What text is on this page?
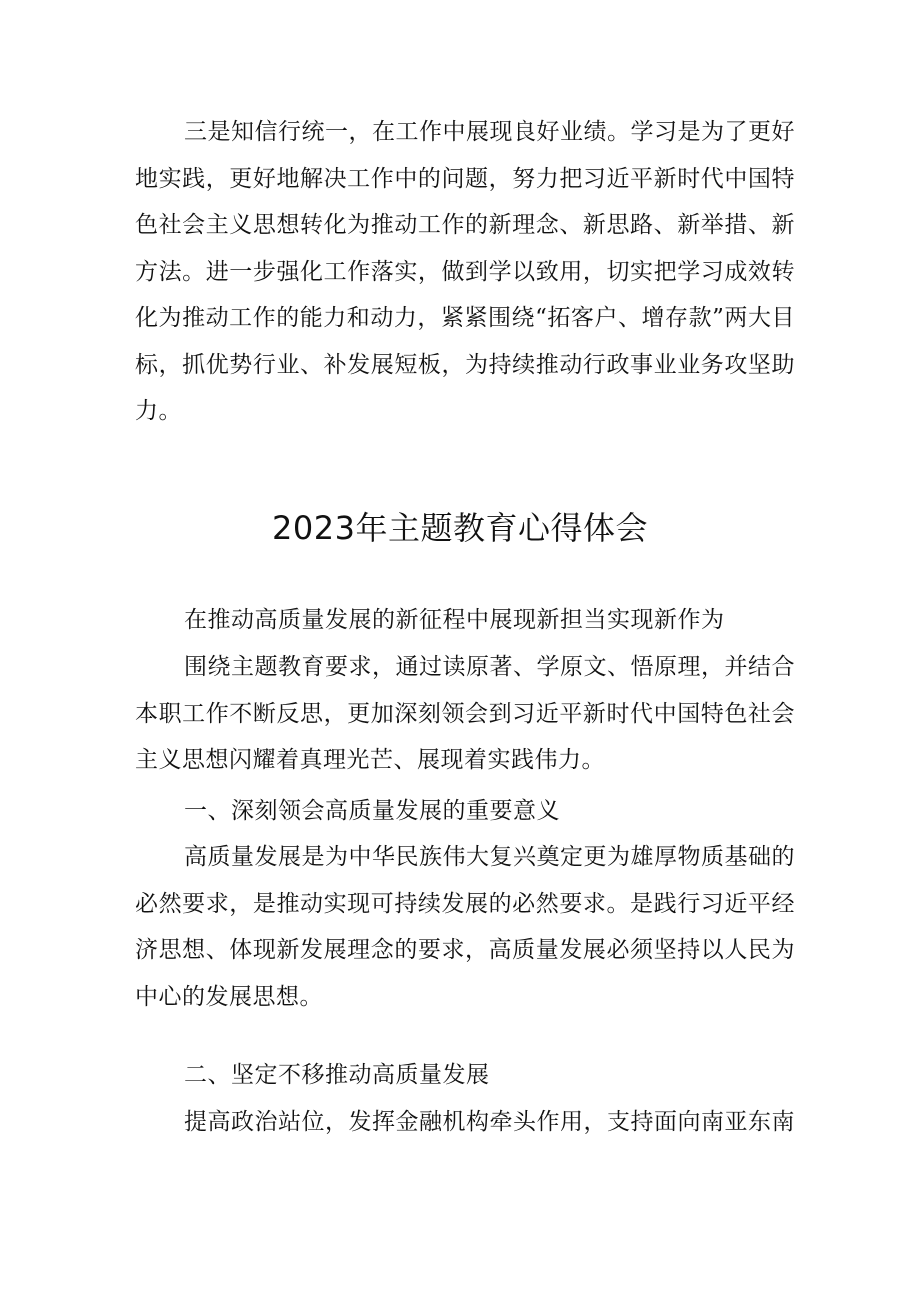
三是知信行统一，在工作中展现良好业绩。学习是为了更好地实践，更好地解决工作中的问题，努力把习近平新时代中国特色社会主义思想转化为推动工作的新理念、新思路、新举措、新方法。进一步强化工作落实，做到学以致用，切实把学习成效转化为推动工作的能力和动力，紧紧围绕“拓客户、增存款”两大目标，抓优势行业、补发展短板，为持续推动行政事业业务攻坚助力。

2023年主题教育心得体会

在推动高质量发展的新征程中展现新担当实现新作为

围绕主题教育要求，通过读原著、学原文、悟原理，并结合本职工作不断反思，更加深刻领会到习近平新时代中国特色社会主义思想闪耀着真理光芒、展现着实践伟力。

一、深刻领会高质量发展的重要意义

高质量发展是为中华民族伟大复兴奠定更为雄厚物质基础的必然要求，是推动实现可持续发展的必然要求。是践行习近平经济思想、体现新发展理念的要求，高质量发展必须坚持以人民为中心的发展思想。

二、坚定不移推动高质量发展

提高政治站位，发挥金融机构牵头作用，支持面向南亚东南
